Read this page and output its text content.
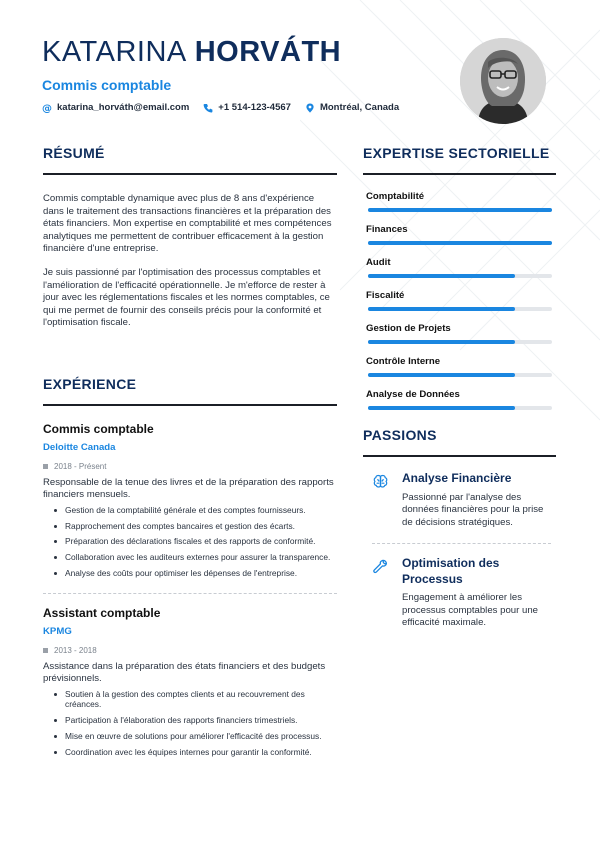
KATARINA HORVÁTH
Commis comptable
@ katarina_horváth@email.com	+1 514-123-4567	Montréal, Canada
RÉSUMÉ

Commis comptable dynamique avec plus de 8 ans d'expérience dans le traitement des transactions financières et la préparation des états financiers. Mon expertise en comptabilité et mes compétences analytiques me permettent de contribuer efficacement à la gestion financière d'une entreprise.

Je suis passionné par l'optimisation des processus comptables et l'amélioration de l'efficacité opérationnelle. Je m'efforce de rester à jour avec les réglementations fiscales et les normes comptables, ce qui me permet de fournir des conseils précis pour la conformité et l'optimisation fiscale.

EXPÉRIENCE
Commis comptable
Deloitte Canada
2018 - Présent
Responsable de la tenue des livres et de la préparation des rapports financiers mensuels.
Gestion de la comptabilité générale et des comptes fournisseurs.
Rapprochement des comptes bancaires et gestion des écarts.
Préparation des déclarations fiscales et des rapports de conformité.
Collaboration avec les auditeurs externes pour assurer la transparence.
Analyse des coûts pour optimiser les dépenses de l'entreprise.
Assistant comptable
KPMG
2013 - 2018
Assistance dans la préparation des états financiers et des budgets prévisionnels.
Soutien à la gestion des comptes clients et au recouvrement des créances.
Participation à l'élaboration des rapports financiers trimestriels.
Mise en œuvre de solutions pour améliorer l'efficacité des processus.
Coordination avec les équipes internes pour garantir la conformité.
EXPERTISE SECTORIELLE
Comptabilité
Finances
Audit
Fiscalité
Gestion de Projets
Contrôle Interne
Analyse de Données
PASSIONS
Analyse Financière
Passionné par l'analyse des données financières pour la prise de décisions stratégiques.
Optimisation des Processus
Engagement à améliorer les processus comptables pour une efficacité maximale.
